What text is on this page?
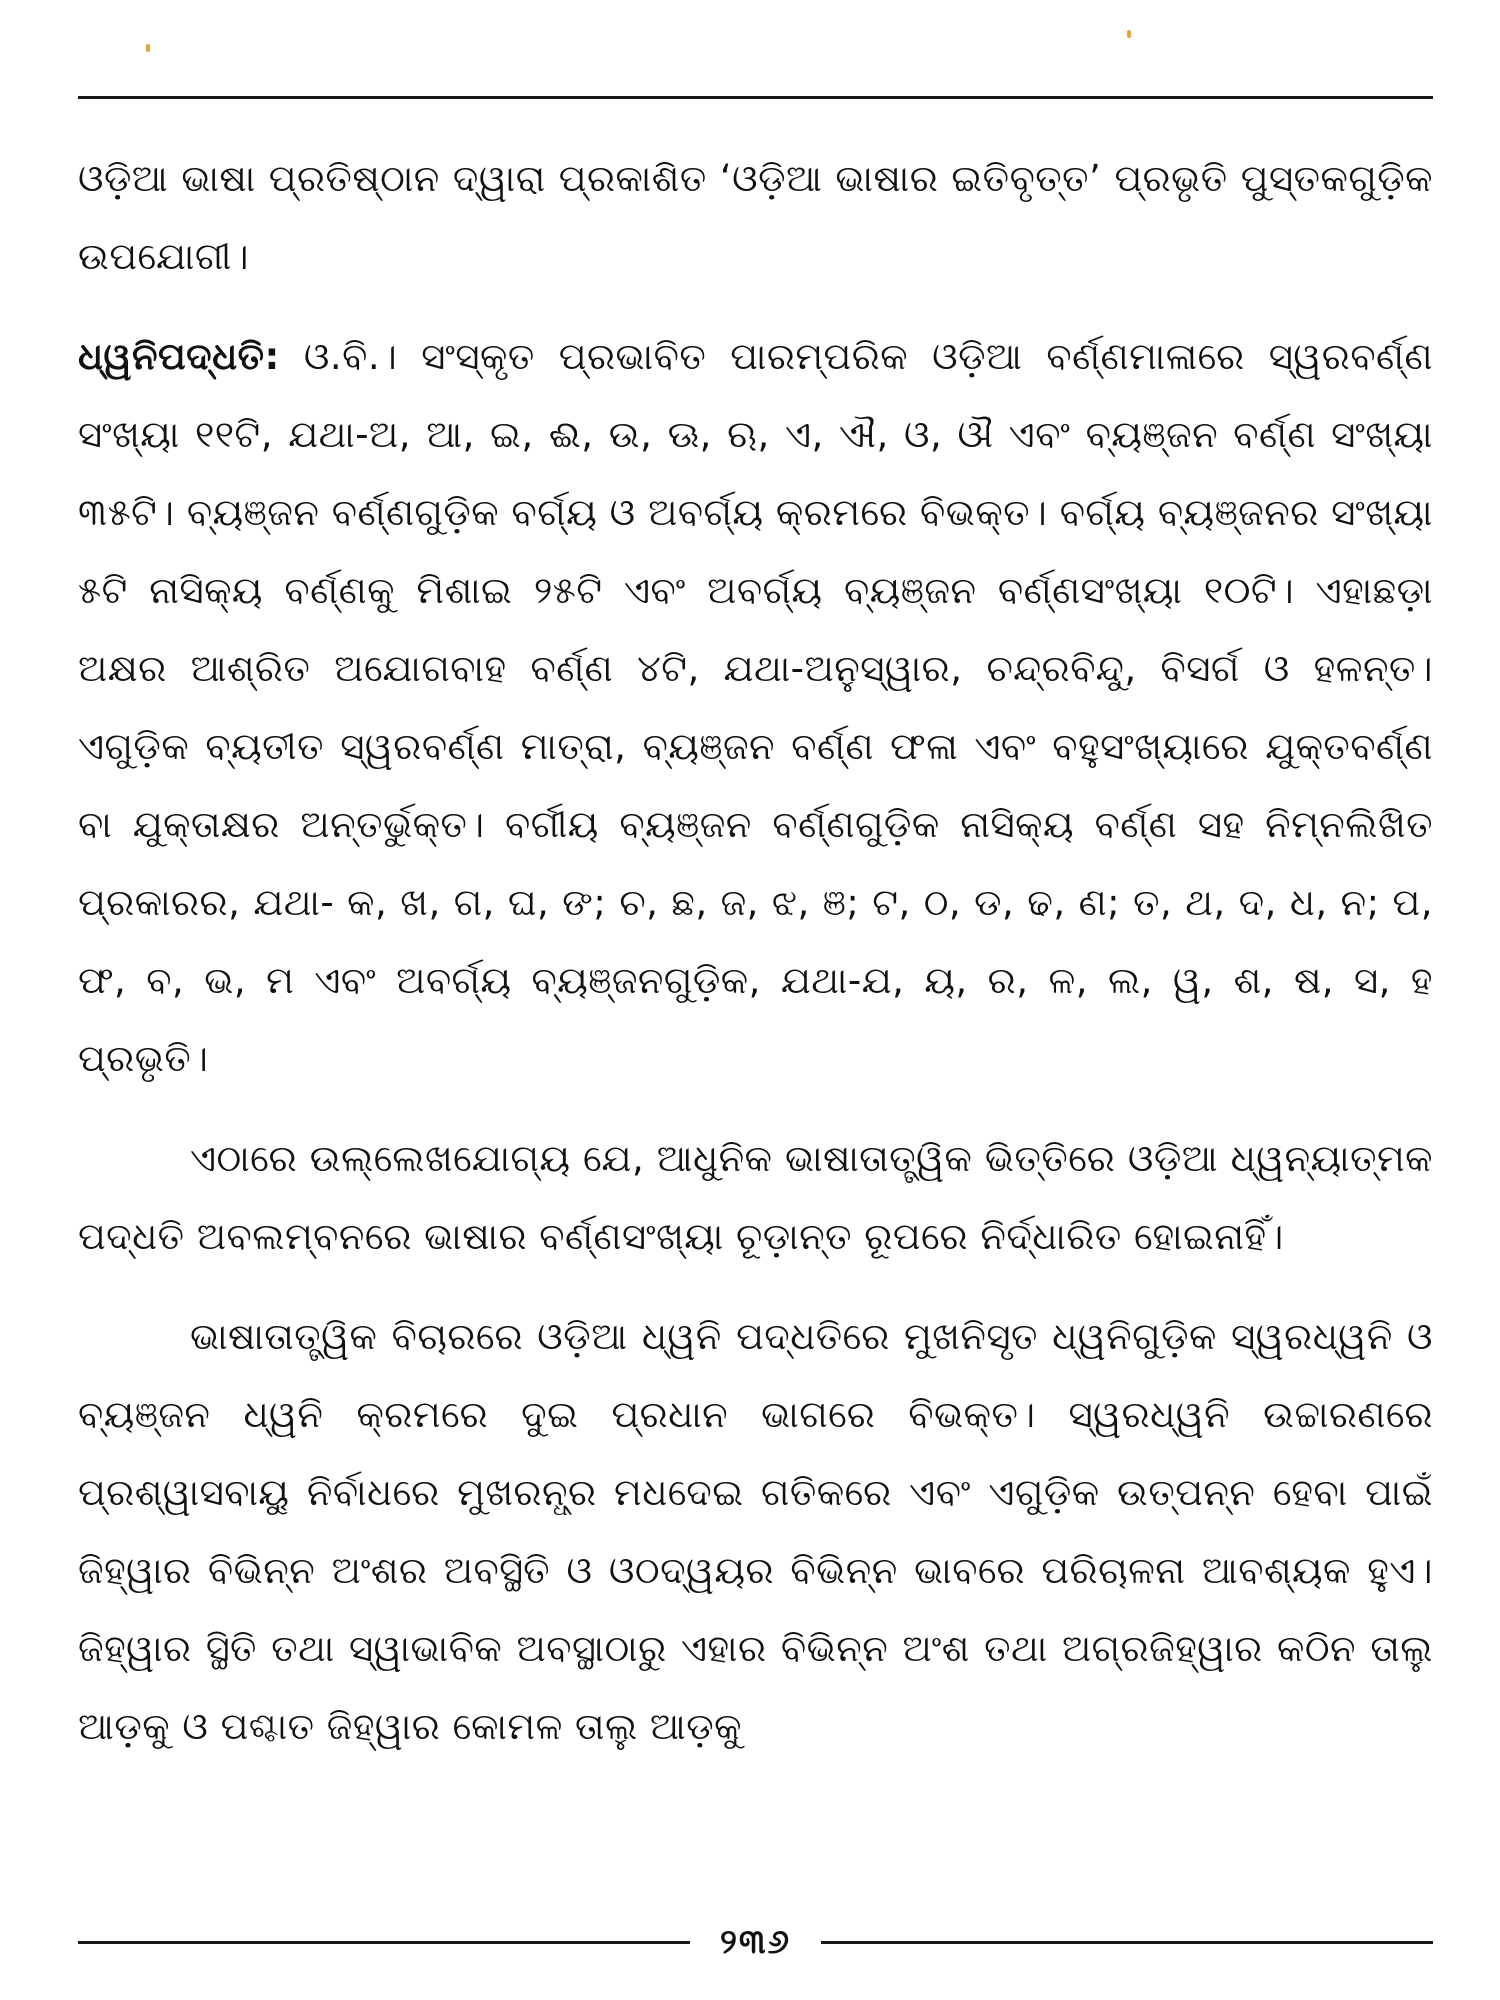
ଓଡ଼ିଆ ଭାଷା ପ୍ରତିଷ୍ଠାନ ଦ୍ୱାରା ପ୍ରକାଶିତ ‘ଓଡ଼ିଆ ଭାଷାର ଇତିବୃତ୍ତ’ ପ୍ରଭୃତି ପୁସ୍ତକଗୁଡ଼ିକ ଉପଯୋଗୀ।

ଧ୍ୱନିପଦ୍ଧତି: ଓ.ବି.। ସଂସ୍କୃତ ପ୍ରଭାବିତ ପାରମ୍ପରିକ ଓଡ଼ିଆ ବର୍ଣ୍ଣମାଳାରେ ସ୍ୱରବର୍ଣ୍ଣ ସଂଖ୍ୟା ୧୧ଟି, ଯଥା-ଅ, ଆ, ଇ, ଈ, ଉ, ଊ, ଋ, ଏ, ଐ, ଓ, ଔ ଏବଂ ବ୍ୟଞ୍ଜନ ବର୍ଣ୍ଣ ସଂଖ୍ୟା ୩୫ଟି। ବ୍ୟଞ୍ଜନ ବର୍ଣ୍ଣଗୁଡ଼ିକ ବର୍ଗ୍ୟ ଓ ଅବର୍ଗ୍ୟ କ୍ରମରେ ବିଭକ୍ତ। ବର୍ଗ୍ୟ ବ୍ୟଞ୍ଜନର ସଂଖ୍ୟା ୫ଟି ନାସିକ୍ୟ ବର୍ଣ୍ଣକୁ ମିଶାଇ ୨୫ଟି ଏବଂ ଅବର୍ଗ୍ୟ ବ୍ୟଞ୍ଜନ ବର୍ଣ୍ଣସଂଖ୍ୟା ୧୦ଟି। ଏହାଛଡ଼ା ଅକ୍ଷର ଆଶ୍ରିତ ଅଯୋଗବାହ ବର୍ଣ୍ଣ ୪ଟି, ଯଥା-ଅନୁସ୍ୱାର, ଚନ୍ଦ୍ରବିନ୍ଦୁ, ବିସର୍ଗ ଓ ହଳନ୍ତ। ଏଗୁଡ଼ିକ ବ୍ୟତୀତ ସ୍ୱରବର୍ଣ୍ଣ ମାତ୍ରା, ବ୍ୟଞ୍ଜନ ବର୍ଣ୍ଣ ଫଳା ଏବଂ ବହୁସଂଖ୍ୟାରେ ଯୁକ୍ତବର୍ଣ୍ଣ ବା ଯୁକ୍ତାକ୍ଷର ଅନ୍ତର୍ଭୁକ୍ତ। ବର୍ଗୀୟ ବ୍ୟଞ୍ଜନ ବର୍ଣ୍ଣଗୁଡ଼ିକ ନାସିକ୍ୟ ବର୍ଣ୍ଣ ସହ ନିମ୍ନଲିଖିତ ପ୍ରକାରର, ଯଥା- କ, ଖ, ଗ, ଘ, ଙ; ଚ, ଛ, ଜ, ଝ, ଞ; ଟ, ଠ, ଡ, ଢ, ଣ; ତ, ଥ, ଦ, ଧ, ନ; ପ, ଫ, ବ, ଭ, ମ ଏବଂ ଅବର୍ଗ୍ୟ ବ୍ୟଞ୍ଜନଗୁଡ଼ିକ, ଯଥା-ଯ, ୟ, ର, ଳ, ଲ, ୱ, ଶ, ଷ, ସ, ହ ପ୍ରଭୃତି।

ଏଠାରେ ଉଲ୍ଲେଖଯୋଗ୍ୟ ଯେ, ଆଧୁନିକ ଭାଷାତାତ୍ତ୍ୱିକ ଭିତ୍ତିରେ ଓଡ଼ିଆ ଧ୍ୱନ୍ୟାତ୍ମକ ପଦ୍ଧତି ଅବଲମ୍ବନରେ ଭାଷାର ବର୍ଣ୍ଣସଂଖ୍ୟା ଚୂଡ଼ାନ୍ତ ରୂପରେ ନିର୍ଦ୍ଧାରିତ ହୋଇନାହିଁ।

ଭାଷାତାତ୍ତ୍ୱିକ ବିଚାରରେ ଓଡ଼ିଆ ଧ୍ୱନି ପଦ୍ଧତିରେ ମୁଖନିସୃତ ଧ୍ୱନିଗୁଡ଼ିକ ସ୍ୱରଧ୍ୱନି ଓ ବ୍ୟଞ୍ଜନ ଧ୍ୱନି କ୍ରମରେ ଦୁଇ ପ୍ରଧାନ ଭାଗରେ ବିଭକ୍ତ। ସ୍ୱରଧ୍ୱନି ଉଚ୍ଚାରଣରେ ପ୍ରଶ୍ୱାସବାୟୁ ନିର୍ବାଧରେ ମୁଖରନ୍ଧ୍ର ମଧଦେଇ ଗତିକରେ ଏବଂ ଏଗୁଡ଼ିକ ଉତ୍ପନ୍ନ ହେବା ପାଇଁ ଜିହ୍ୱାର ବିଭିନ୍ନ ଅଂଶର ଅବସ୍ଥିତି ଓ ଓଠଦ୍ୱୟର ବିଭିନ୍ନ ଭାବରେ ପରିଚାଳନା ଆବଶ୍ୟକ ହୁଏ। ଜିହ୍ୱାର ସ୍ଥିତି ତଥା ସ୍ୱାଭାବିକ ଅବସ୍ଥାଠାରୁ ଏହାର ବିଭିନ୍ନ ଅଂଶ ତଥା ଅଗ୍ରଜିହ୍ୱାର କଠିନ ତାଲୁ ଆଡ଼କୁ ଓ ପଶ୍ଚାତ ଜିହ୍ୱାର କୋମଳ ତାଲୁ ଆଡ଼କୁ

୨୩୬
